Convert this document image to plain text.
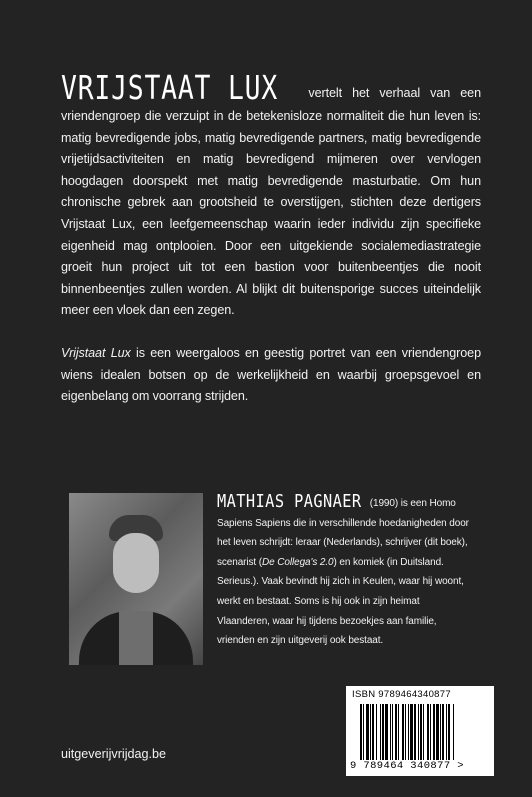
VRIJSTAAT LUX vertelt het verhaal van een vriendengroep die verzuipt in de betekenisloze normaliteit die hun leven is: matig bevredigende jobs, matig bevredigende partners, matig bevredigende vrijetijdsactiviteiten en matig bevredigend mijmeren over vervlogen hoogdagen doorspekt met matig bevredigende masturbatie. Om hun chronische gebrek aan grootsheid te overstijgen, stichten deze dertigers Vrijstaat Lux, een leefgemeenschap waarin ieder individu zijn specifieke eigenheid mag ontplooien. Door een uitgekiende socialemediastrategie groeit hun project uit tot een bastion voor buitenbeentjes die nooit binnenbeentjes zullen worden. Al blijkt dit buitensporige succes uiteindelijk meer een vloek dan een zegen.

Vrijstaat Lux is een weergaloos en geestig portret van een vriendengroep wiens idealen botsen op de werkelijkheid en waarbij groepsgevoel en eigenbelang om voorrang strijden.

MATHIAS PAGNAER (1990) is een Homo Sapiens Sapiens die in verschillende hoedanigheden door het leven schrijdt: leraar (Nederlands), schrijver (dit boek), scenarist (De Collega's 2.0) en komiek (in Duitsland. Serieus.). Vaak bevindt hij zich in Keulen, waar hij woont, werkt en bestaat. Soms is hij ook in zijn heimat Vlaanderen, waar hij tijdens bezoekjes aan familie, vrienden en zijn uitgeverij ook bestaat.

ISBN 9789464340877
9 789464 340877 >
uitgeverijvrijdag.be
